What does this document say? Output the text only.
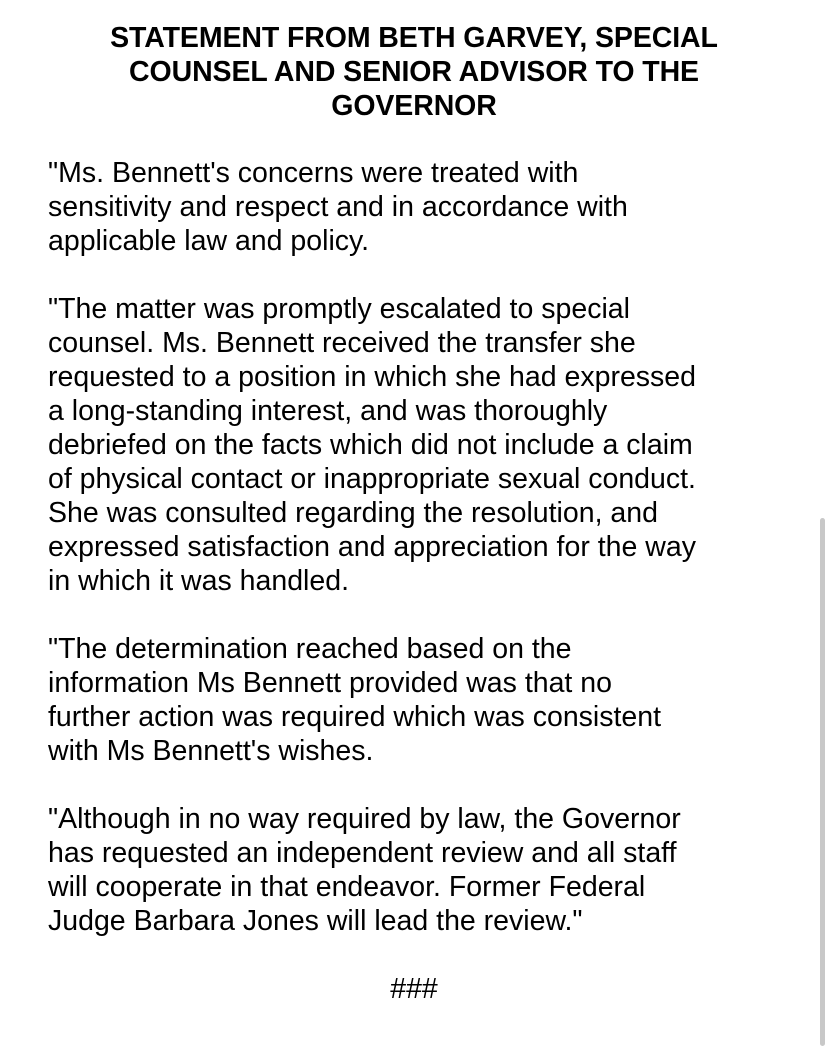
STATEMENT FROM BETH GARVEY, SPECIAL
COUNSEL AND SENIOR ADVISOR TO THE
GOVERNOR

"Ms. Bennett's concerns were treated with
sensitivity and respect and in accordance with
applicable law and policy.

"The matter was promptly escalated to special
counsel. Ms. Bennett received the transfer she
requested to a position in which she had expressed
a long-standing interest, and was thoroughly
debriefed on the facts which did not include a claim
of physical contact or inappropriate sexual conduct.
She was consulted regarding the resolution, and
expressed satisfaction and appreciation for the way
in which it was handled.

"The determination reached based on the
information Ms Bennett provided was that no
further action was required which was consistent
with Ms Bennett's wishes.

"Although in no way required by law, the Governor
has requested an independent review and all staff
will cooperate in that endeavor. Former Federal
Judge Barbara Jones will lead the review."

###
